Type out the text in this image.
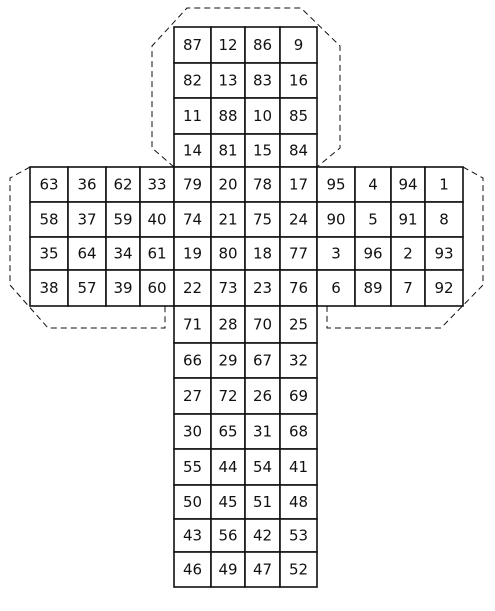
87 12 86 9
82 13 83 16
11 88 10 85
14 81 15 84
63 36 62 33
58 37 59 40
35 64 34 61
38 57 39 60
79 20 78 17
74 21 75 24
19 80 18 77
22 73 23 76
95 4 94 1
90 5 91 8
3 96 2 93
6 89 7 92
71 28 70 25
66 29 67 32
27 72 26 69
30 65 31 68
55 44 54 41
50 45 51 48
43 56 42 53
46 49 47 52
